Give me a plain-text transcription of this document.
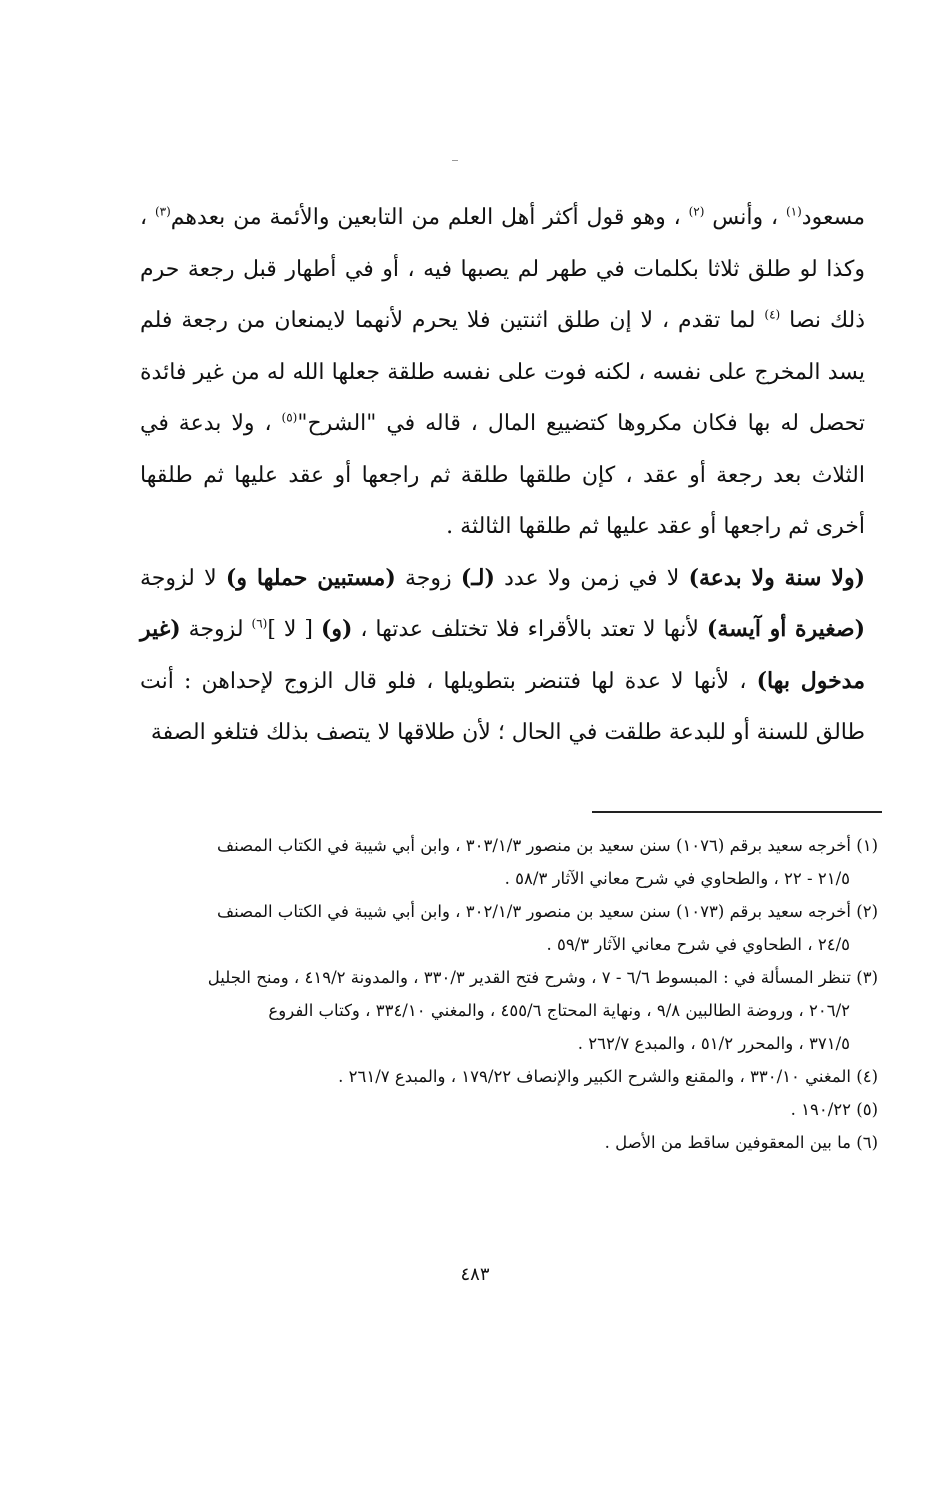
مسعود$^{(١)}$ ، وأنس $^{(٢)}$ ، وهو قول أكثر أهل العلم من التابعين والأئمة من بعدهم$^{(٣)}$ ، وكذا لو طلق ثلاثا بكلمات في طهر لم يصبها فيه ، أو في أطهار قبل رجعة حرم ذلك نصا $^{(٤)}$ لما تقدم ، لا إن طلق اثنتين فلا يحرم لأنهما لايمنعان من رجعة فلم يسد المخرج على نفسه ، لكنه فوت على نفسه طلقة جعلها الله له من غير فائدة تحصل له بها فكان مكروها كتضييع المال ، قاله في "الشرح"$^{(٥)}$ ، ولا بدعة في الثلاث بعد رجعة أو عقد ، كإن طلقها طلقة ثم راجعها أو عقد عليها ثم طلقها أخرى ثم راجعها أو عقد عليها ثم طلقها الثالثة .

(ولا سنة ولا بدعة) لا في زمن ولا عدد (لـ) زوجة (مستبين حملها و) لا لزوجة (صغيرة أو آيسة) لأنها لا تعتد بالأقراء فلا تختلف عدتها ، (و) [ لا ]$^{(٦)}$ لزوجة (غير مدخول بها) ، لأنها لا عدة لها فتنضر بتطويلها ، فلو قال الزوج لإحداهن : أنت طالق للسنة أو للبدعة طلقت في الحال ؛ لأن طلاقها لا يتصف بذلك فتلغو الصفة

(١) أخرجه سعيد برقم (١٠٧٦) سنن سعيد بن منصور ٣٠٣/١/٣ ، وابن أبي شيبة في الكتاب المصنف
٢١/٥ - ٢٢ ، والطحاوي في شرح معاني الآثار ٥٨/٣ .
(٢) أخرجه سعيد برقم (١٠٧٣) سنن سعيد بن منصور ٣٠٢/١/٣ ، وابن أبي شيبة في الكتاب المصنف
٢٤/٥ ، الطحاوي في شرح معاني الآثار ٥٩/٣ .
(٣) تنظر المسألة في : المبسوط ٦/٦ - ٧ ، وشرح فتح القدير ٣٣٠/٣ ، والمدونة ٤١٩/٢ ، ومنح الجليل
٢٠٦/٢ ، وروضة الطالبين ٩/٨ ، ونهاية المحتاج ٤٥٥/٦ ، والمغني ٣٣٤/١٠ ، وكتاب الفروع
٣٧١/٥ ، والمحرر ٥١/٢ ، والمبدع ٢٦٢/٧ .
(٤) المغني ٣٣٠/١٠ ، والمقنع والشرح الكبير والإنصاف ١٧٩/٢٢ ، والمبدع ٢٦١/٧ .
(٥) ١٩٠/٢٢ .
(٦) ما بين المعقوفين ساقط من الأصل .
٤٨٣
